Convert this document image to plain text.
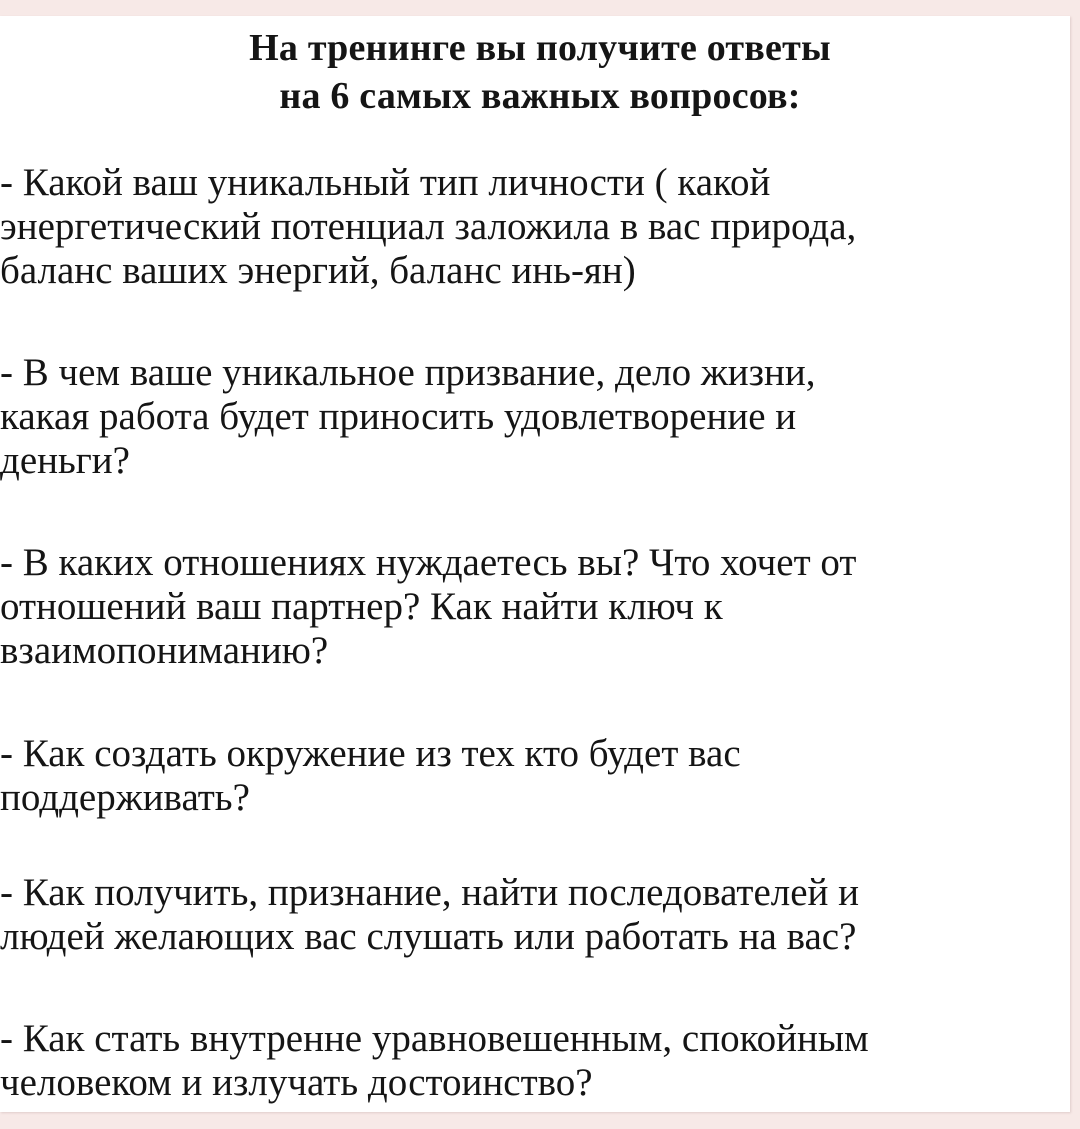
На тренинге вы получите ответы
на 6 самых важных вопросов:
- Какой ваш уникальный тип личности ( какой
энергетический потенциал заложила в вас природа,
баланс ваших энергий, баланс инь-ян)
- В чем ваше уникальное призвание, дело жизни,
какая работа будет приносить удовлетворение и
деньги?
- В каких отношениях нуждаетесь вы? Что хочет от
отношений ваш партнер? Как найти ключ к
взаимопониманию?
- Как создать окружение из тех кто будет вас
поддерживать?
- Как получить, признание, найти последователей и
людей желающих вас слушать или работать на вас?
- Как стать внутренне уравновешенным, спокойным
человеком и излучать достоинство?
